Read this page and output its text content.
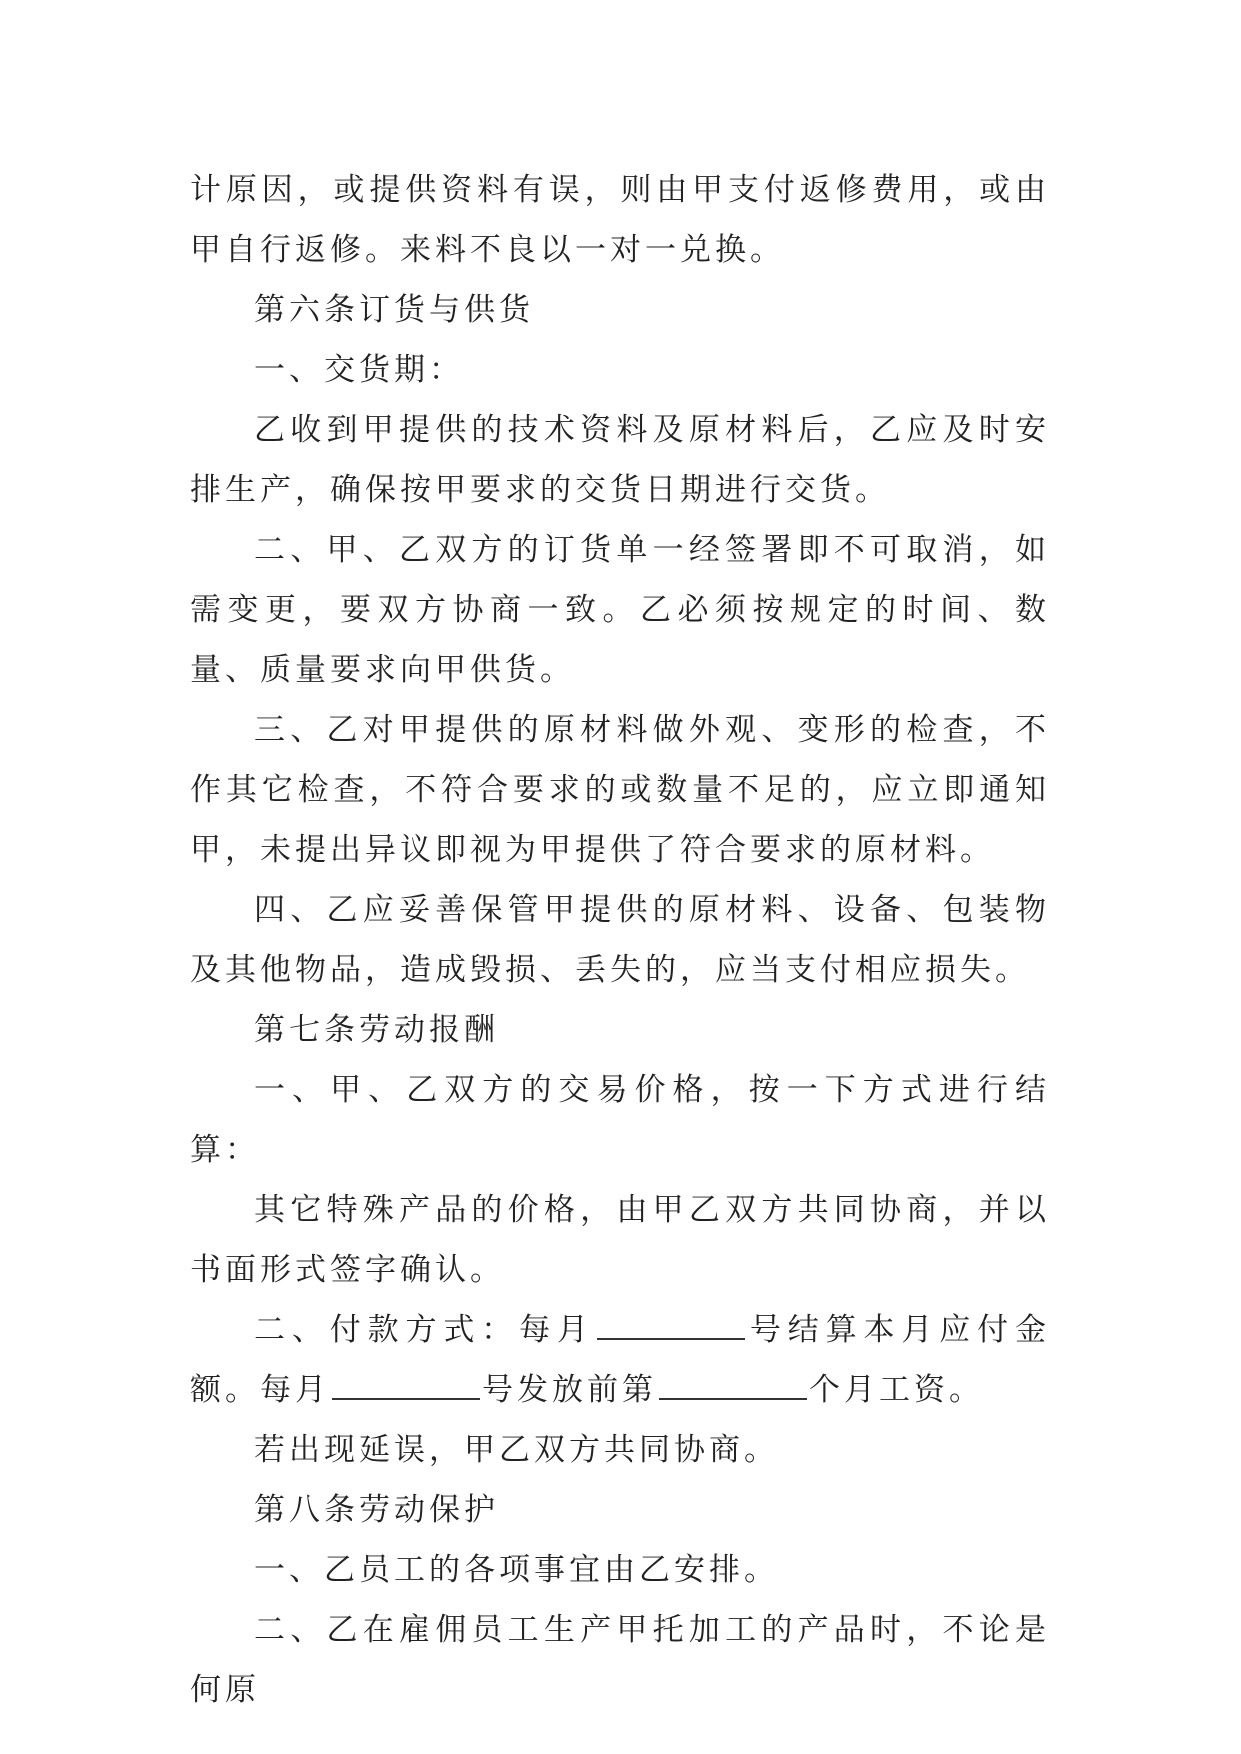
计原因，或提供资料有误，则由甲支付返修费用，或由甲自行返修。来料不良以一对一兑换。

第六条订货与供货

一、交货期：

乙收到甲提供的技术资料及原材料后，乙应及时安排生产，确保按甲要求的交货日期进行交货。

二、甲、乙双方的订货单一经签署即不可取消，如需变更，要双方协商一致。乙必须按规定的时间、数量、质量要求向甲供货。

三、乙对甲提供的原材料做外观、变形的检查，不作其它检查，不符合要求的或数量不足的，应立即通知甲，未提出异议即视为甲提供了符合要求的原材料。

四、乙应妥善保管甲提供的原材料、设备、包装物及其他物品，造成毁损、丢失的，应当支付相应损失。

第七条劳动报酬

一、甲、乙双方的交易价格，按一下方式进行结算：

其它特殊产品的价格，由甲乙双方共同协商，并以书面形式签字确认。

二、付款方式：每月	号结算本月应付金额。每月	号发放前第	个月工资。

若出现延误，甲乙双方共同协商。

第八条劳动保护

一、乙员工的各项事宜由乙安排。

二、乙在雇佣员工生产甲托加工的产品时，不论是何原
